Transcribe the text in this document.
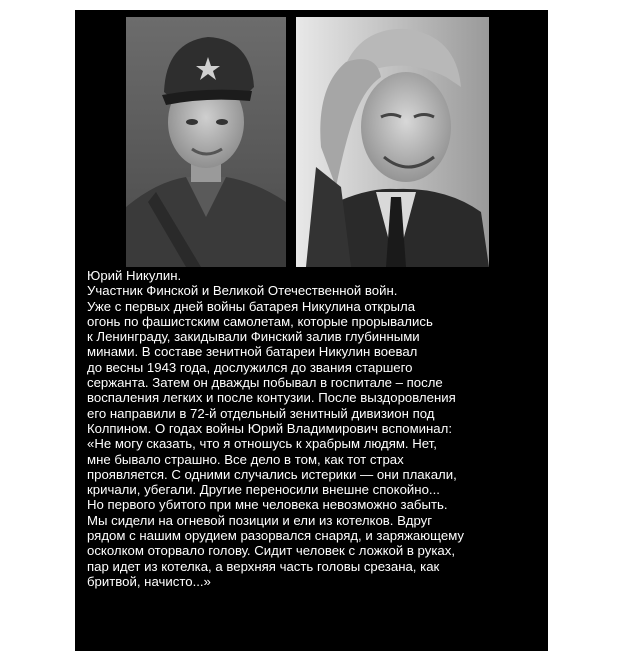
Юрий Никулин.
Участник Финской и Великой Отечественной войн.
Уже с первых дней войны батарея Никулина открыла
огонь по фашистским самолетам, которые прорывались
к Ленинграду, закидывали Финский залив глубинными
минами. В составе зенитной батареи Никулин воевал
до весны 1943 года, дослужился до звания старшего
сержанта. Затем он дважды побывал в госпитале – после
воспаления легких и после контузии. После выздоровления
его направили в 72-й отдельный зенитный дивизион под
Колпином. О годах войны Юрий Владимирович вспоминал:
«Не могу сказать, что я отношусь к храбрым людям. Нет,
мне бывало страшно. Все дело в том, как тот страх
проявляется. С одними случались истерики — они плакали,
кричали, убегали. Другие переносили внешне спокойно...
Но первого убитого при мне человека невозможно забыть.
Мы сидели на огневой позиции и ели из котелков. Вдруг
рядом с нашим орудием разорвался снаряд, и заряжающему
осколком оторвало голову. Сидит человек с ложкой в руках,
пар идет из котелка, а верхняя часть головы срезана, как
бритвой, начисто...»
